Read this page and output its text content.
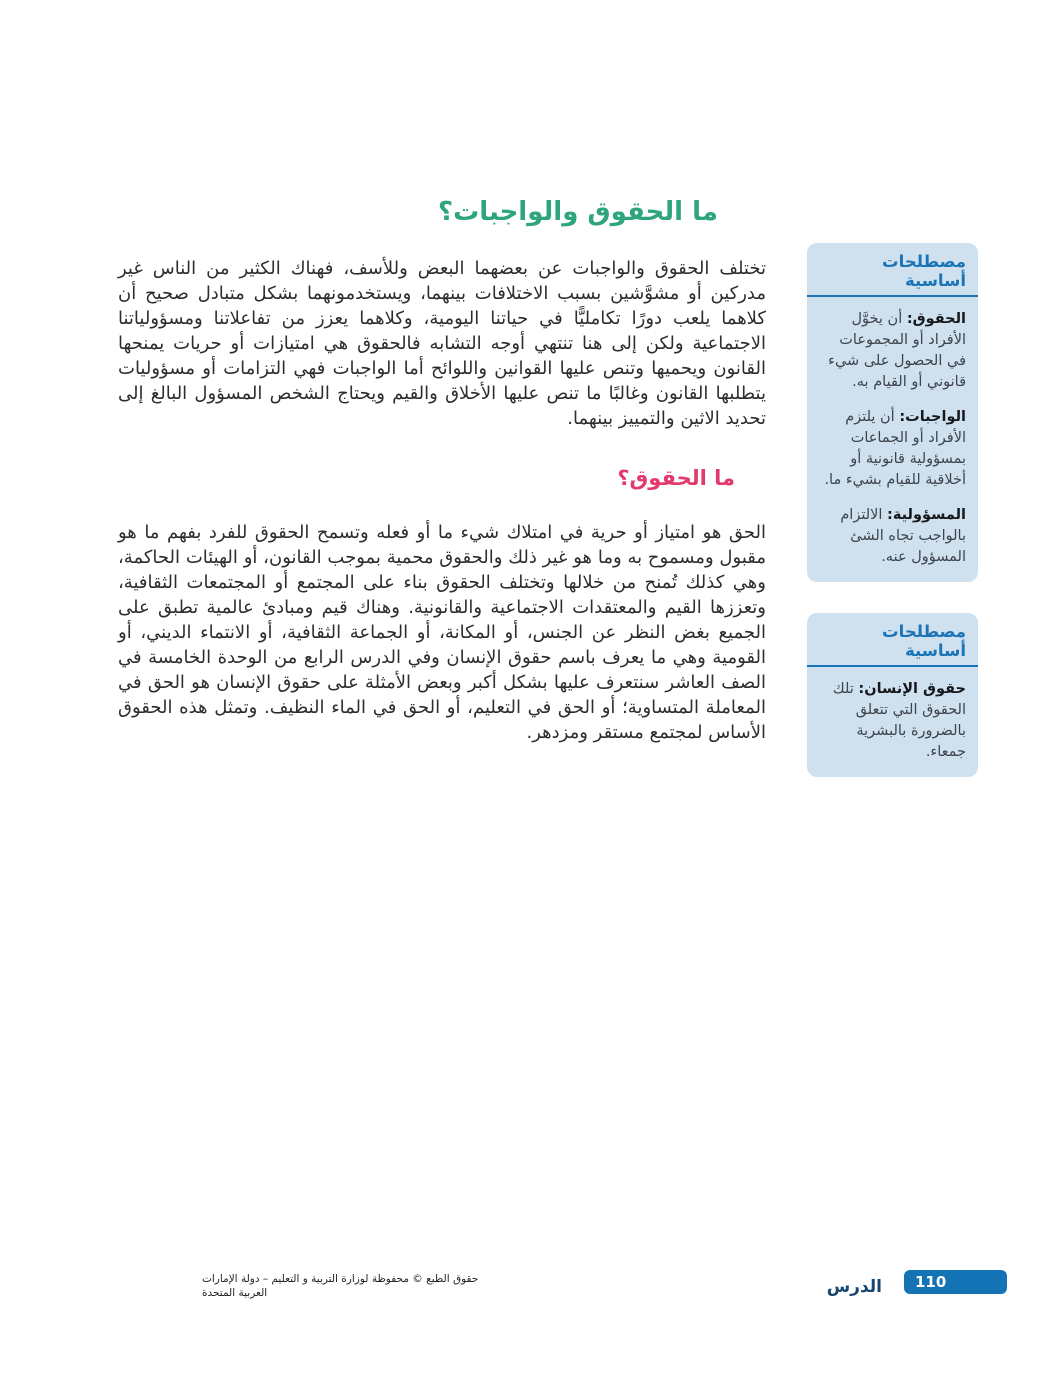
ما الحقوق والواجبات؟

تختلف الحقوق والواجبات عن بعضهما البعض وللأسف، فهناك الكثير من الناس غير مدركين أو مشوَّشين بسبب الاختلافات بينهما، ويستخدمونهما بشكل متبادل صحيح أن كلاهما يلعب دورًا تكامليًّا في حياتنا اليومية، وكلاهما يعزز من تفاعلاتنا ومسؤولياتنا الاجتماعية ولكن إلى هنا تنتهي أوجه التشابه فالحقوق هي امتيازات أو حريات يمنحها القانون ويحميها وتنص عليها القوانين واللوائح أما الواجبات فهي التزامات أو مسؤوليات يتطلبها القانون وغالبًا ما تنص عليها الأخلاق والقيم ويحتاج الشخص المسؤول البالغ إلى تحديد الاثين والتمييز بينهما.

ما الحقوق؟

الحق هو امتياز أو حرية في امتلاك شيء ما أو فعله وتسمح الحقوق للفرد بفهم ما هو مقبول ومسموح به وما هو غير ذلك والحقوق محمية بموجب القانون، أو الهيئات الحاكمة، وهي كذلك تُمنح من خلالها وتختلف الحقوق بناء على المجتمع أو المجتمعات الثقافية، وتعززها القيم والمعتقدات الاجتماعية والقانونية. وهناك قيم ومبادئ عالمية تطبق على الجميع بغض النظر عن الجنس، أو المكانة، أو الجماعة الثقافية، أو الانتماء الديني، أو القومية وهي ما يعرف باسم حقوق الإنسان وفي الدرس الرابع من الوحدة الخامسة في الصف العاشر سنتعرف عليها بشكل أكبر وبعض الأمثلة على حقوق الإنسان هو الحق في المعاملة المتساوية؛ أو الحق في التعليم، أو الحق في الماء النظيف. وتمثل هذه الحقوق الأساس لمجتمع مستقر ومزدهر.

مصطلحات أساسية

الحقوق: أن يخوَّل الأفراد أو المجموعات في الحصول على شيء قانوني أو القيام به.

الواجبات: أن يلتزم الأفراد أو الجماعات بمسؤولية قانونية أو أخلاقية للقيام بشيء ما.

المسؤولية: الالتزام بالواجب تجاه الشئ المسؤول عنه.

مصطلحات أساسية

حقوق الإنسان: تلك الحقوق التي تتعلق بالضرورة بالبشرية جمعاء.

الدرس 110
حقوق الطبع © محفوظة لوزارة التربية و التعليم – دولة الإمارات العربية المتحدة
